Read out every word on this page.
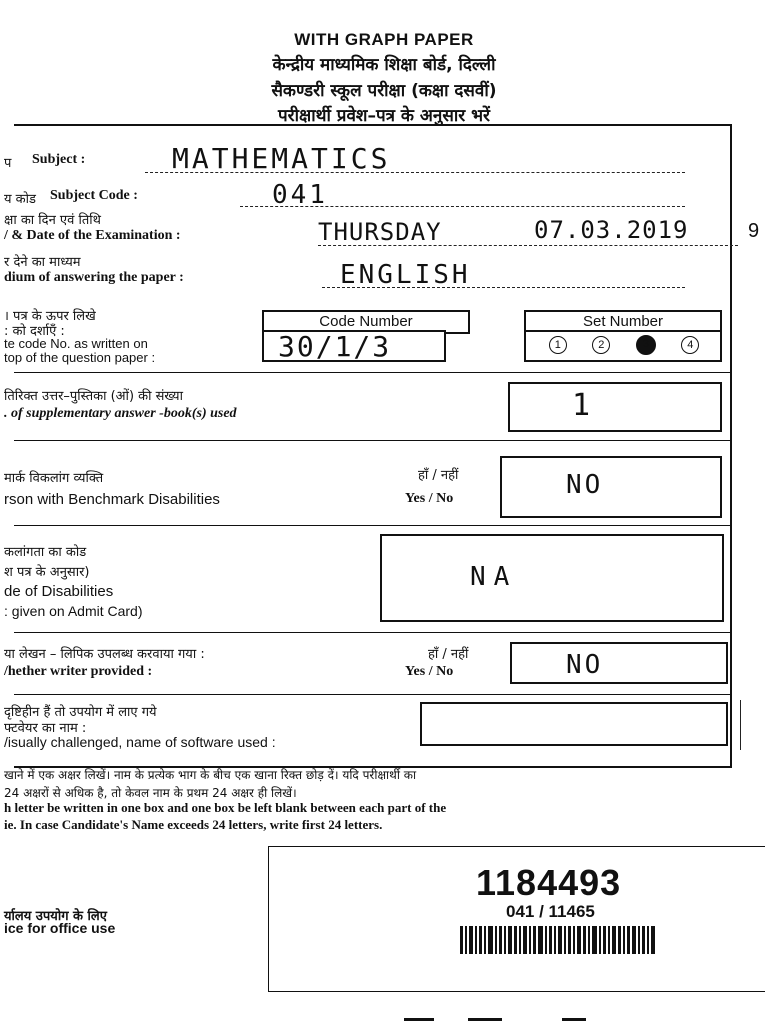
WITH GRAPH PAPER
केन्द्रीय माध्यमिक शिक्षा बोर्ड, दिल्ली
सैकण्डरी स्कूल परीक्षा (कक्षा दसवीं)
परीक्षार्थी प्रवेश–पत्र के अनुसार भरें
प Subject :	MATHEMATICS
य कोड Subject Code :	041
क्षा का दिन एवं तिथि
/ & Date of the Examination :	THURSDAY	07.03.2019	9
र देने का माध्यम
dium of answering the paper :	ENGLISH
। पत्र के ऊपर लिखे
: को दर्शाएँ :
te code No. as written on
top of the question paper :
Code Number
30/1/3
Set Number
1	2	3	4
तिरिक्त उत्तर–पुस्तिका (ओं) की संख्या
. of supplementary answer -book(s) used	1
मार्क विकलांग व्यक्ति
rson with Benchmark Disabilities
हाँ / नहीं
Yes / No	NO
कलांगता का कोड
श पत्र के अनुसार)
de of Disabilities
: given on Admit Card)
NA
या लेखन – लिपिक उपलब्ध करवाया गया :	हाँ / नहीं
/hether writer provided :	Yes / No	NO
दृष्टिहीन हैं तो उपयोग में लाए गये
फ्टवेयर का नाम :
/isually challenged, name of software used :
खाने में एक अक्षर लिखें। नाम के प्रत्येक भाग के बीच एक खाना रिक्त छोड़ दें। यदि परीक्षार्थी का
24 अक्षरों से अधिक है, तो केवल नाम के प्रथम 24 अक्षर ही लिखें।
h letter be written in one box and one box be left blank between each part of the
ie. In case Candidate's Name exceeds 24 letters, write first 24 letters.
र्यालय उपयोग के लिए
ice for office use
1184493
041 / 11465
